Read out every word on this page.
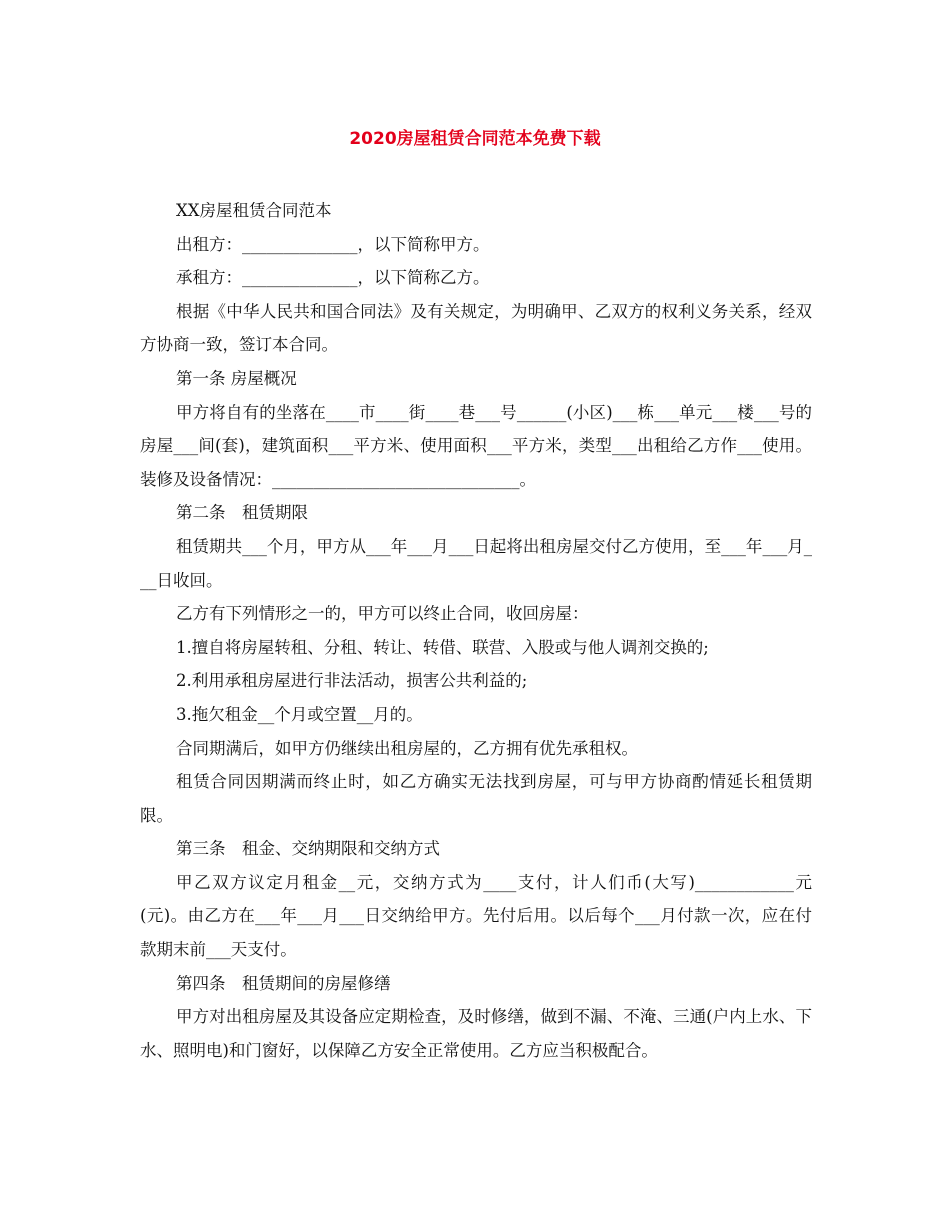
2020房屋租赁合同范本免费下载

XX房屋租赁合同范本

出租方：______________，以下简称甲方。

承租方：______________，以下简称乙方。

根据《中华人民共和国合同法》及有关规定，为明确甲、乙双方的权利义务关系，经双方协商一致，签订本合同。

第一条 房屋概况

甲方将自有的坐落在____市____街____巷___号______(小区)___栋___单元___楼___号的房屋___间(套)，建筑面积___平方米、使用面积___平方米，类型___出租给乙方作___使用。装修及设备情况：______________________________。

第二条　租赁期限

租赁期共___个月，甲方从___年___月___日起将出租房屋交付乙方使用，至___年___月___日收回。

乙方有下列情形之一的，甲方可以终止合同，收回房屋：

1.擅自将房屋转租、分租、转让、转借、联营、入股或与他人调剂交换的;

2.利用承租房屋进行非法活动，损害公共利益的;

3.拖欠租金__个月或空置__月的。

合同期满后，如甲方仍继续出租房屋的，乙方拥有优先承租权。

租赁合同因期满而终止时，如乙方确实无法找到房屋，可与甲方协商酌情延长租赁期限。

第三条　租金、交纳期限和交纳方式

甲乙双方议定月租金__元，交纳方式为____支付，计人们币(大写)____________元(元)。由乙方在___年___月___日交纳给甲方。先付后用。以后每个___月付款一次，应在付款期末前___天支付。

第四条　租赁期间的房屋修缮

甲方对出租房屋及其设备应定期检查，及时修缮，做到不漏、不淹、三通(户内上水、下水、照明电)和门窗好，以保障乙方安全正常使用。乙方应当积极配合。
